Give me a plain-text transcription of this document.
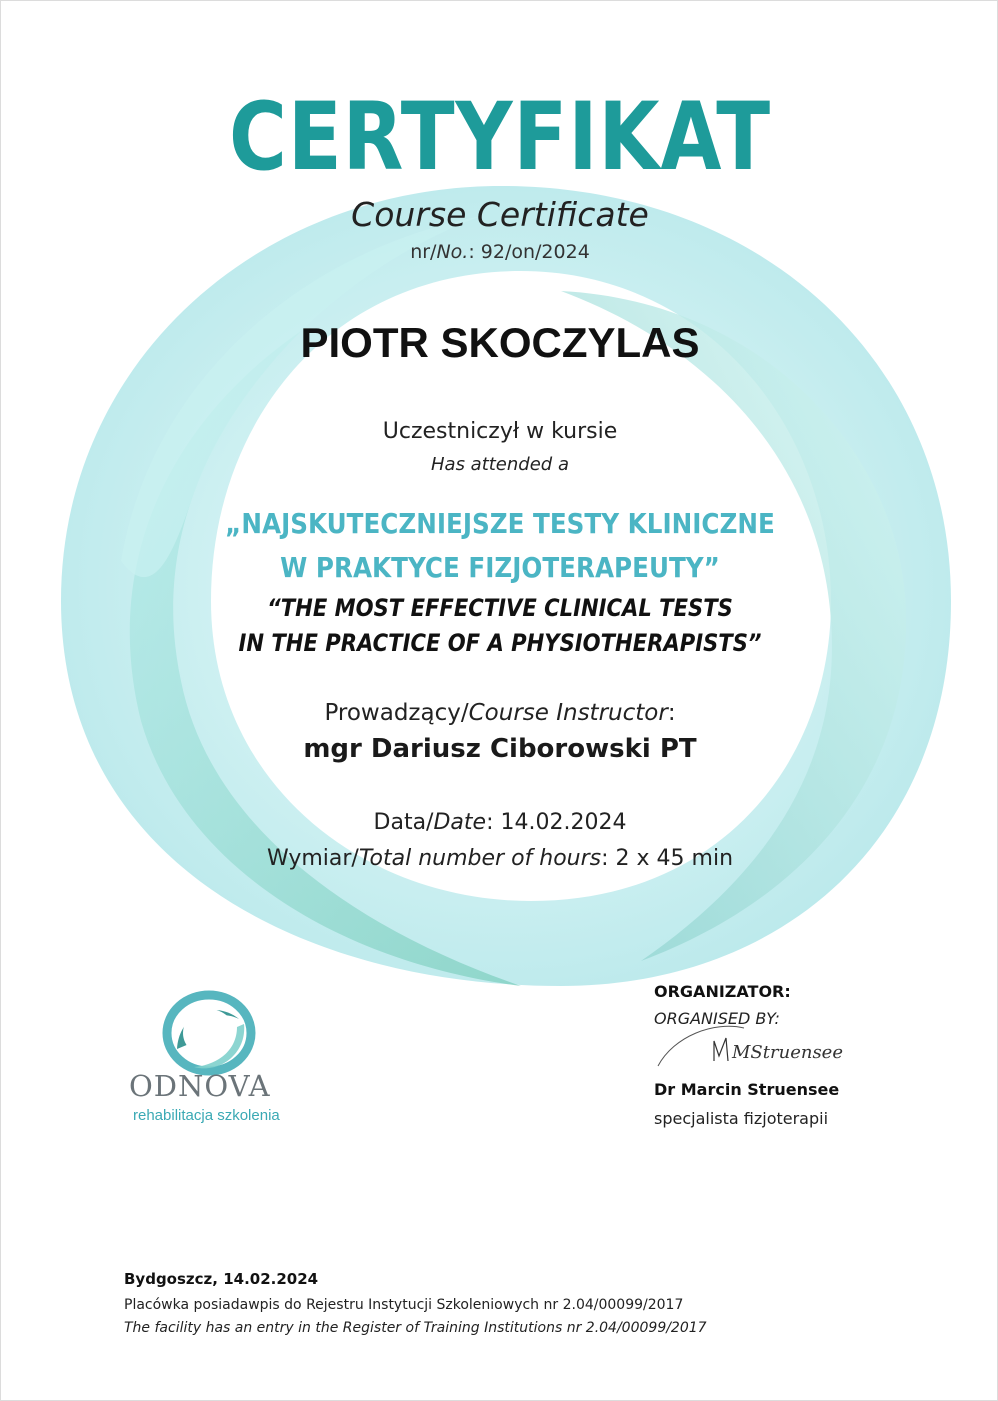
CERTYFIKAT
Course Certificate
nr/No.: 92/on/2024
PIOTR SKOCZYLAS
Uczestniczył w kursie
Has attended a
„NAJSKUTECZNIEJSZE TESTY KLINICZNE
W PRAKTYCE FIZJOTERAPEUTY”
“THE MOST EFFECTIVE CLINICAL TESTS
IN THE PRACTICE OF A PHYSIOTHERAPISTS”
Prowadzący/Course Instructor:
mgr Dariusz Ciborowski PT
Data/Date: 14.02.2024
Wymiar/Total number of hours: 2 x 45 min
ODNOVA
rehabilitacja szkolenia
ORGANIZATOR:
ORGANISED BY:
MStruensee
Dr Marcin Struensee
specjalista fizjoterapii
Bydgoszcz, 14.02.2024
Placówka posiadawpis do Rejestru Instytucji Szkoleniowych nr 2.04/00099/2017
The facility has an entry in the Register of Training Institutions nr 2.04/00099/2017
